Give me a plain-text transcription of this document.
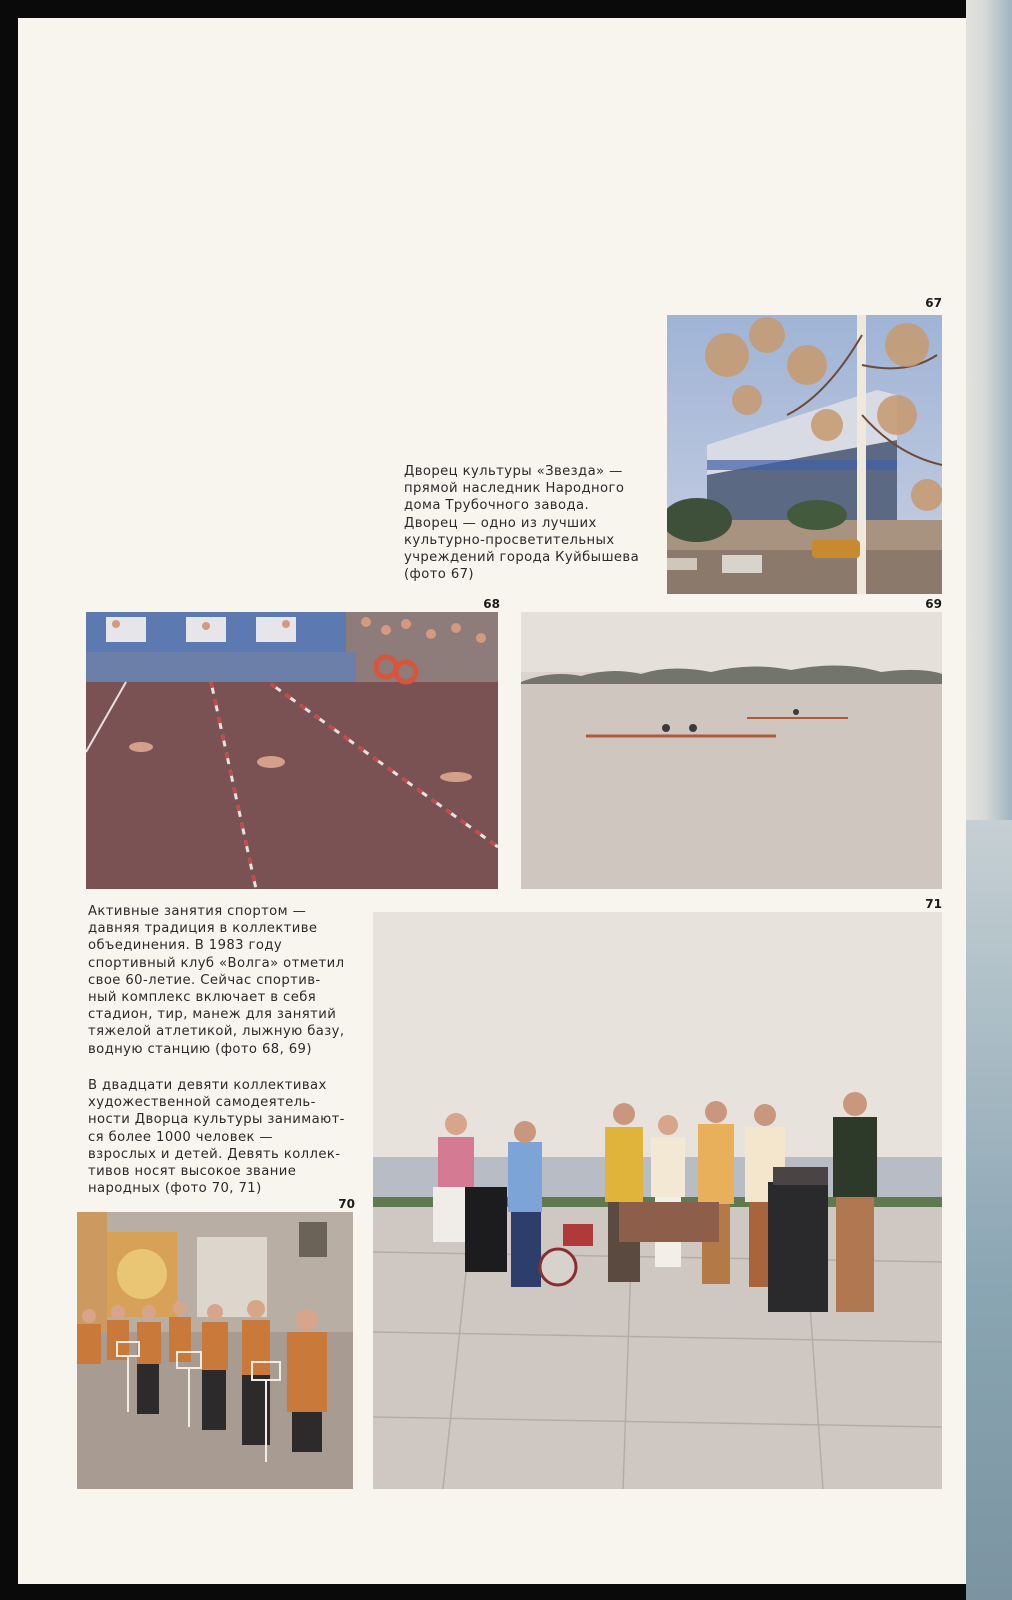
67
Дворец культуры «Звезда» —
прямой наследник Народного
дома Трубочного завода.
Дворец — одно из лучших
культурно-просветительных
учреждений города Куйбышева
(фото 67)
68	69
Активные занятия спортом —
давняя традиция в коллективе
объединения. В 1983 году
спортивный клуб «Волга» отметил
свое 60-летие. Сейчас спортив-
ный комплекс включает в себя
стадион, тир, манеж для занятий
тяжелой атлетикой, лыжную базу,
водную станцию (фото 68, 69)
В двадцати девяти коллективах
художественной самодеятель-
ности Дворца культуры занимают-
ся более 1000 человек —
взрослых и детей. Девять коллек-
тивов носят высокое звание
народных (фото 70, 71)
71
70
